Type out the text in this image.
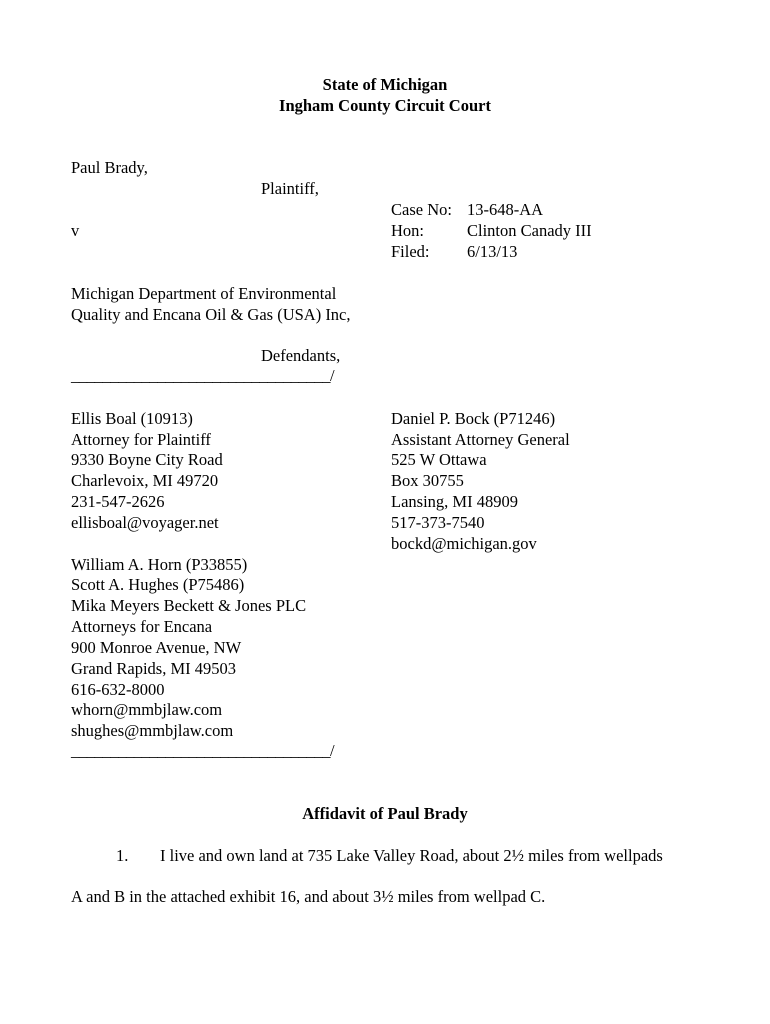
State of Michigan
Ingham County Circuit Court
Paul Brady,
Plaintiff,
Case No: 13-648-AA
v	Hon:	Clinton Canady III
Filed: 6/13/13
Michigan Department of Environmental
Quality and Encana Oil & Gas (USA) Inc,
Defendants,
_________________________________/
Ellis Boal (10913)
Attorney for Plaintiff
9330 Boyne City Road
Charlevoix, MI 49720
231-547-2626
ellisboal@voyager.net
Daniel P. Bock (P71246)
Assistant Attorney General
525 W Ottawa
Box 30755
Lansing, MI 48909
517-373-7540
bockd@michigan.gov
William A. Horn (P33855)
Scott A. Hughes (P75486)
Mika Meyers Beckett & Jones PLC
Attorneys for Encana
900 Monroe Avenue, NW
Grand Rapids, MI 49503
616-632-8000
whorn@mmbjlaw.com
shughes@mmbjlaw.com
_________________________________/
Affidavit of Paul Brady
1. I live and own land at 735 Lake Valley Road, about 2½ miles from wellpads
A and B in the attached exhibit 16, and about 3½ miles from wellpad C.
